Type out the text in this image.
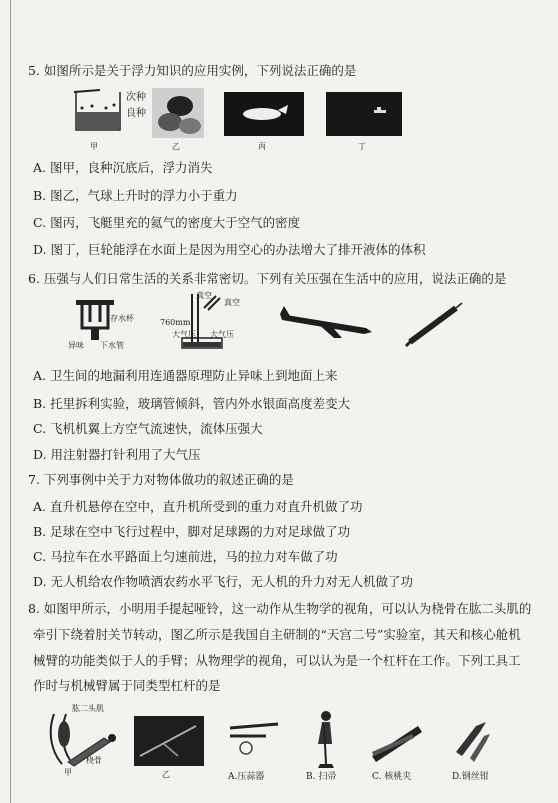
5. 如图所示是关于浮力知识的应用实例，下列说法正确的是
次种
良种
甲	乙	丙	丁
A. 图甲，良种沉底后，浮力消失
B. 图乙，气球上升时的浮力小于重力
C. 图丙，飞艇里充的氦气的密度大于空气的密度
D. 图丁，巨轮能浮在水面上是因为用空心的办法增大了排开液体的体积
6. 压强与人们日常生活的关系非常密切。下列有关压强在生活中的应用，说法正确的是
存水杯
异味 下水管
真空
真空
760mm
大气压 大气压
A. 卫生间的地漏利用连通器原理防止异味上到地面上来
B. 托里拆利实验，玻璃管倾斜，管内外水银面高度差变大
C. 飞机机翼上方空气流速快，流体压强大
D. 用注射器打针利用了大气压
7. 下列事例中关于力对物体做功的叙述正确的是
A. 直升机悬停在空中，直升机所受到的重力对直升机做了功
B. 足球在空中飞行过程中，脚对足球踢的力对足球做了功
C. 马拉车在水平路面上匀速前进，马的拉力对车做了功
D. 无人机给农作物喷洒农药水平飞行，无人机的升力对无人机做了功
8. 如图甲所示，小明用手提起哑铃，这一动作从生物学的视角，可以认为桡骨在肱二头肌的
牵引下绕着肘关节转动，图乙所示是我国自主研制的“天宫二号”实验室，其天和核心舱机
械臂的功能类似于人的手臂；从物理学的视角，可以认为是一个杠杆在工作。下列工具工
作时与机械臂属于同类型杠杆的是
肱二头肌
桡骨
甲	乙	A.压蒜器	B. 扫帚	C. 核桃夹	D.钢丝钳
